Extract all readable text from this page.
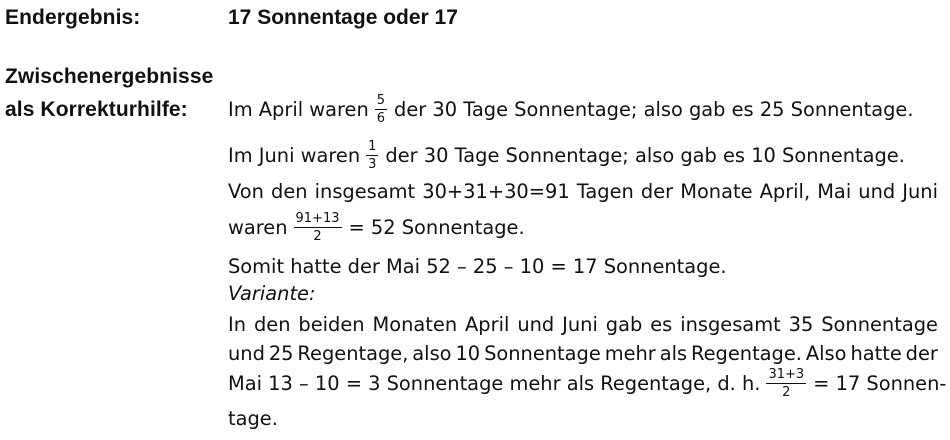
Endergebnis:	17 Sonnentage oder 17
Zwischenergebnisse
als Korrekturhilfe: Im April waren $\frac{5}{6}$ der 30 Tage Sonnentage; also gab es 25 Sonnentage.
Im Juni waren $\frac{1}{3}$ der 30 Tage Sonnentage; also gab es 10 Sonnentage.
Von den insgesamt 30+31+30=91 Tagen der Monate April, Mai und Juni
waren $\frac{91+13}{2} = 52$ Sonnentage.
Somit hatte der Mai 52 – 25 – 10 = 17 Sonnentage.
Variante:
In den beiden Monaten April und Juni gab es insgesamt 35 Sonnentage
und 25 Regentage, also 10 Sonnentage mehr als Regentage. Also hatte der
Mai 13 – 10 = 3 Sonnentage mehr als Regentage, d. h. $\frac{31+3}{2} = 17$ Sonnen-
tage.
